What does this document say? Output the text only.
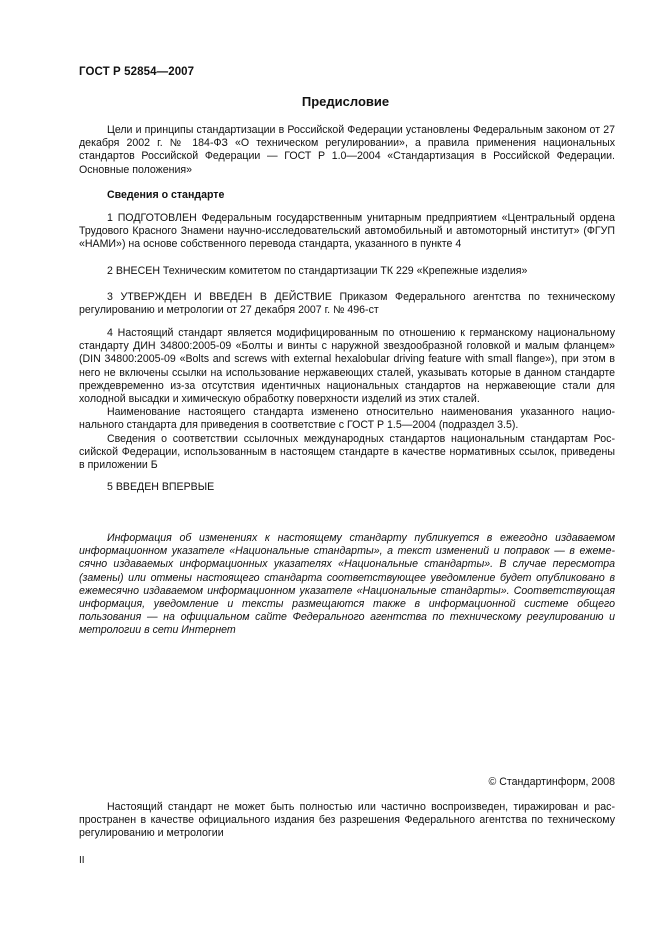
ГОСТ Р 52854—2007
Предисловие

Цели и принципы стандартизации в Российской Федерации установлены Федеральным законом от 27 декабря 2002 г. № 184-ФЗ «О техническом регулировании», а правила применения национальных стандартов Российской Федерации — ГОСТ Р 1.0—2004 «Стандартизация в Российской Федерации. Основные положения»

Сведения о стандарте

1 ПОДГОТОВЛЕН Федеральным государственным унитарным предприятием «Центральный ордена Трудового Красного Знамени научно-исследовательский автомобильный и автомоторный институт» (ФГУП «НАМИ») на основе собственного перевода стандарта, указанного в пункте 4

2 ВНЕСЕН Техническим комитетом по стандартизации ТК 229 «Крепежные изделия»

3 УТВЕРЖДЕН И ВВЕДЕН В ДЕЙСТВИЕ Приказом Федерального агентства по техническому регулированию и метрологии от 27 декабря 2007 г. № 496-ст

4 Настоящий стандарт является модифицированным по отношению к германскому национальному стандарту ДИН 34800:2005-09 «Болты и винты с наружной звездообразной головкой и малым фланцем» (DIN 34800:2005-09 «Bolts and screws with external hexalobular driving feature with small flange»), при этом в него не включены ссылки на использование нержавеющих сталей, указывать которые в данном стандарте преждевременно из-за отсутствия идентичных национальных стандартов на нержавеющие стали для холодной высадки и химическую обработку поверхности изделий из этих сталей.

Наименование настоящего стандарта изменено относительно наименования указанного национального стандарта для приведения в соответствие с ГОСТ Р 1.5—2004 (подраздел 3.5).

Сведения о соответствии ссылочных международных стандартов национальным стандартам Российской Федерации, использованным в настоящем стандарте в качестве нормативных ссылок, приведены в приложении Б

5 ВВЕДЕН ВПЕРВЫЕ

Информация об изменениях к настоящему стандарту публикуется в ежегодно издаваемом информационном указателе «Национальные стандарты», а текст изменений и поправок — в ежемесячно издаваемых информационных указателях «Национальные стандарты». В случае пересмотра (замены) или отмены настоящего стандарта соответствующее уведомление будет опубликовано в ежемесячно издаваемом информационном указателе «Национальные стандарты». Соответствующая информация, уведомление и тексты размещаются также в информационной системе общего пользования — на официальном сайте Федерального агентства по техническому регулированию и метрологии в сети Интернет

© Стандартинформ, 2008

Настоящий стандарт не может быть полностью или частично воспроизведен, тиражирован и распространен в качестве официального издания без разрешения Федерального агентства по техническому регулированию и метрологии

II
